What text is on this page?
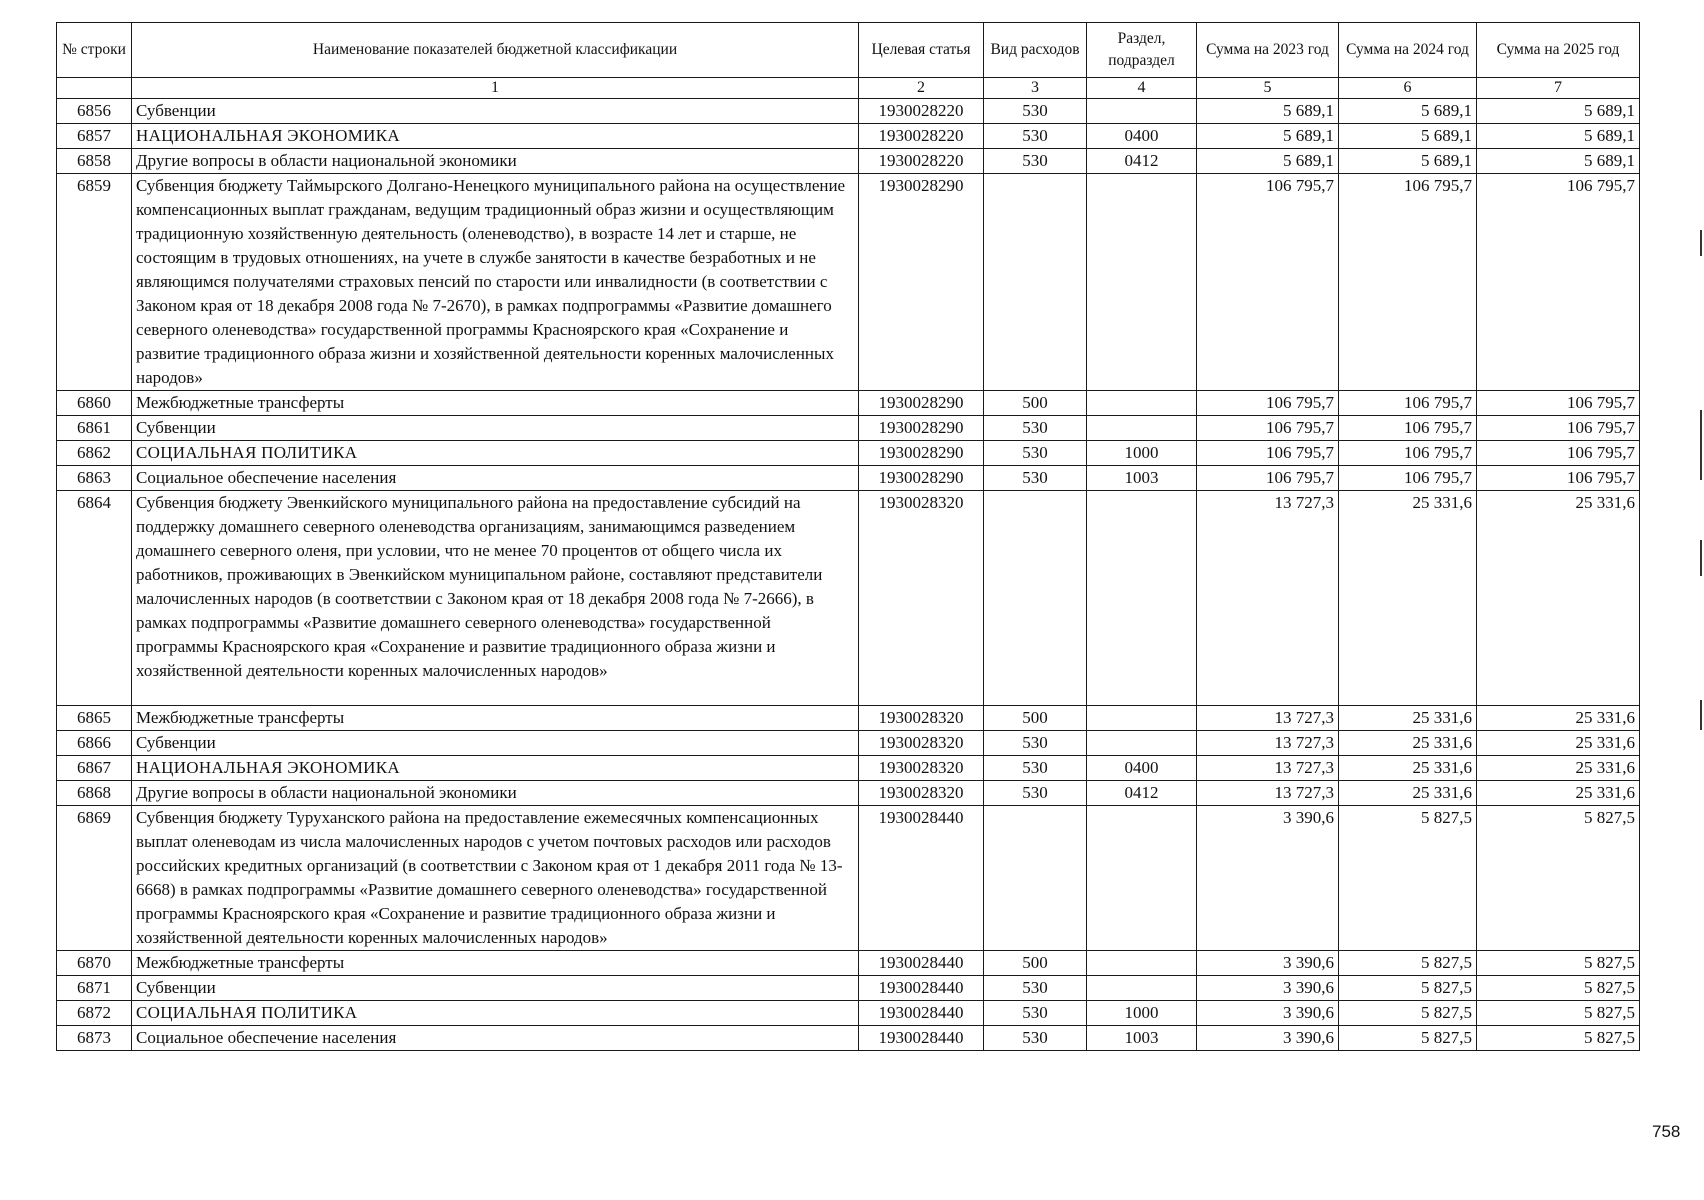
№ строки	Наименование показателей бюджетной классификации	Целевая статья	Вид расходов	Раздел, подраздел	Сумма на 2023 год	Сумма на 2024 год	Сумма на 2025 год
	1	2	3	4	5	6	7
6856	Субвенции	1930028220	530		5 689,1	5 689,1	5 689,1
6857	НАЦИОНАЛЬНАЯ ЭКОНОМИКА	1930028220	530	0400	5 689,1	5 689,1	5 689,1
6858	Другие вопросы в области национальной экономики	1930028220	530	0412	5 689,1	5 689,1	5 689,1
6859	Субвенция бюджету Таймырского Долгано-Ненецкого муниципального района на осуществление компенсационных выплат гражданам, ведущим традиционный образ жизни и осуществляющим традиционную хозяйственную деятельность (оленеводство), в возрасте 14 лет и старше, не состоящим в трудовых отношениях, на учете в службе занятости в качестве безработных и не являющимся получателями страховых пенсий по старости или инвалидности (в соответствии с Законом края от 18 декабря 2008 года № 7-2670), в рамках подпрограммы «Развитие домашнего северного оленеводства» государственной программы Красноярского края «Сохранение и развитие традиционного образа жизни и хозяйственной деятельности коренных малочисленных народов»	1930028290			106 795,7	106 795,7	106 795,7
6860	Межбюджетные трансферты	1930028290	500		106 795,7	106 795,7	106 795,7
6861	Субвенции	1930028290	530		106 795,7	106 795,7	106 795,7
6862	СОЦИАЛЬНАЯ ПОЛИТИКА	1930028290	530	1000	106 795,7	106 795,7	106 795,7
6863	Социальное обеспечение населения	1930028290	530	1003	106 795,7	106 795,7	106 795,7
6864	Субвенция бюджету Эвенкийского муниципального района на предоставление субсидий на поддержку домашнего северного оленеводства организациям, занимающимся разведением домашнего северного оленя, при условии, что не менее 70 процентов от общего числа их работников, проживающих в Эвенкийском муниципальном районе, составляют представители малочисленных народов (в соответствии с Законом края от 18 декабря 2008 года № 7-2666), в рамках подпрограммы «Развитие домашнего северного оленеводства» государственной программы Красноярского края «Сохранение и развитие традиционного образа жизни и хозяйственной деятельности коренных малочисленных народов»	1930028320			13 727,3	25 331,6	25 331,6
6865	Межбюджетные трансферты	1930028320	500		13 727,3	25 331,6	25 331,6
6866	Субвенции	1930028320	530		13 727,3	25 331,6	25 331,6
6867	НАЦИОНАЛЬНАЯ ЭКОНОМИКА	1930028320	530	0400	13 727,3	25 331,6	25 331,6
6868	Другие вопросы в области национальной экономики	1930028320	530	0412	13 727,3	25 331,6	25 331,6
6869	Субвенция бюджету Туруханского района на предоставление ежемесячных компенсационных выплат оленеводам из числа малочисленных народов с учетом почтовых расходов или расходов российских кредитных организаций (в соответствии с Законом края от 1 декабря 2011 года № 13-6668) в рамках подпрограммы «Развитие домашнего северного оленеводства» государственной программы Красноярского края «Сохранение и развитие традиционного образа жизни и хозяйственной деятельности коренных малочисленных народов»	1930028440			3 390,6	5 827,5	5 827,5
6870	Межбюджетные трансферты	1930028440	500		3 390,6	5 827,5	5 827,5
6871	Субвенции	1930028440	530		3 390,6	5 827,5	5 827,5
6872	СОЦИАЛЬНАЯ ПОЛИТИКА	1930028440	530	1000	3 390,6	5 827,5	5 827,5
6873	Социальное обеспечение населения	1930028440	530	1003	3 390,6	5 827,5	5 827,5
758
